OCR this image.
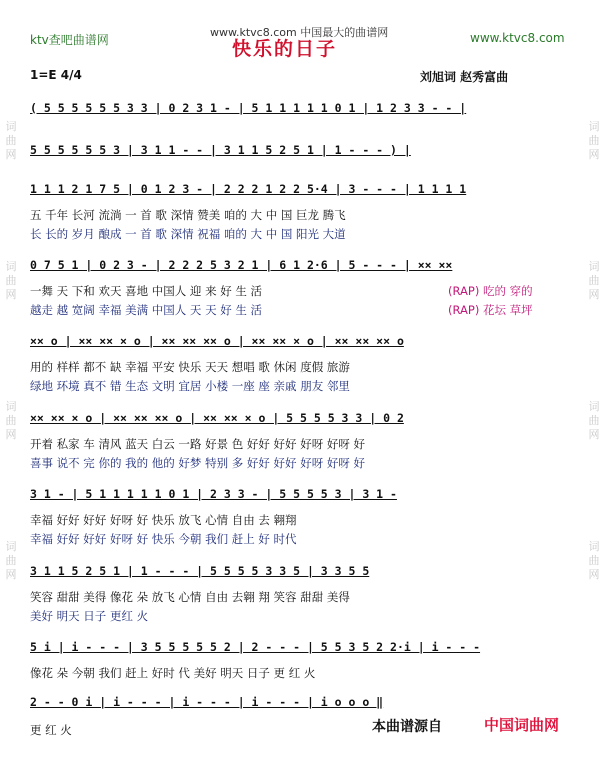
ktv查吧曲谱网
www.ktvc8.com 中国最大的曲谱网	www.ktvc8.com
快乐的日子
1=E 4/4	刘旭词 赵秀富曲
词曲网
词曲网
词曲网
词曲网
词曲网
词曲网
词曲网
词曲网
( 5 5 5 5 5 5 3 3 | 0 2 3 1 - | 5 1 1 1 1 1 0 1 | 1 2 3 3 - - |
5 5 5 5 5 5 3 | 3 1 1 - - | 3 1 1 5 2 5 1 | 1 - - - ) |
1 1 1 2 1 7 5 | 0 1 2 3 - | 2 2 2 1 2 2 5·4 | 3 - - - | 1 1 1 1
五 千年 长河 流淌 一 首 歌 深情 赞美 咱的 大 中 国 巨龙 腾飞
长 长的 岁月 酿成 一 首 歌 深情 祝福 咱的 大 中 国 阳光 大道
0 7 5 1 | 0 2 3 - | 2 2 2 5 3 2 1 | 6 1 2·6 | 5 - - - | ×× ××
一舞 天 下和 欢天 喜地 中国人 迎 来 好 生 活	(RAP) 吃的 穿的
越走 越 宽阔 幸福 美满 中国人 天 天 好 生 活	(RAP) 花坛 草坪
×× o | ×× ×× × o | ×× ×× ×× o | ×× ×× × o | ×× ×× ×× o
用的 样样 都不 缺 幸福 平安 快乐 天天 想唱 歌 休闲 度假 旅游
绿地 环境 真不 错 生态 文明 宜居 小楼 一座 座 亲戚 朋友 邻里
×× ×× × o | ×× ×× ×× o | ×× ×× × o | 5 5 5 5 3 3 | 0 2
开着 私家 车 清风 蓝天 白云 一路 好景 色 好好 好好 好呀 好呀 好
喜事 说不 完 你的 我的 他的 好梦 特别 多 好好 好好 好呀 好呀 好
3 1 - | 5 1 1 1 1 1 0 1 | 2 3 3 - | 5 5 5 5 3 | 3 1 -
幸福 好好 好好 好呀 好 快乐 放飞 心情 自由 去 翱翔
幸福 好好 好好 好呀 好 快乐 今朝 我们 赶上 好 时代
3 1 1 5 2 5 1 | 1 - - - | 5 5 5 5 3 3 5 | 3 3 5 5
笑容 甜甜 美得 像花 朵 放飞 心情 自由 去翱 翔 笑容 甜甜 美得
美好 明天 日子 更红 火
5 i | i - - - | 3 5 5 5 5 5 2 | 2 - - - | 5 5 3 5 2 2·i | i - - -
像花 朵 今朝 我们 赶上 好时 代 美好 明天 日子 更 红 火
2 - - 0 i | i - - - | i - - - | i - - - | i o o o ‖
更 红 火	本曲谱源自	中国词曲网
